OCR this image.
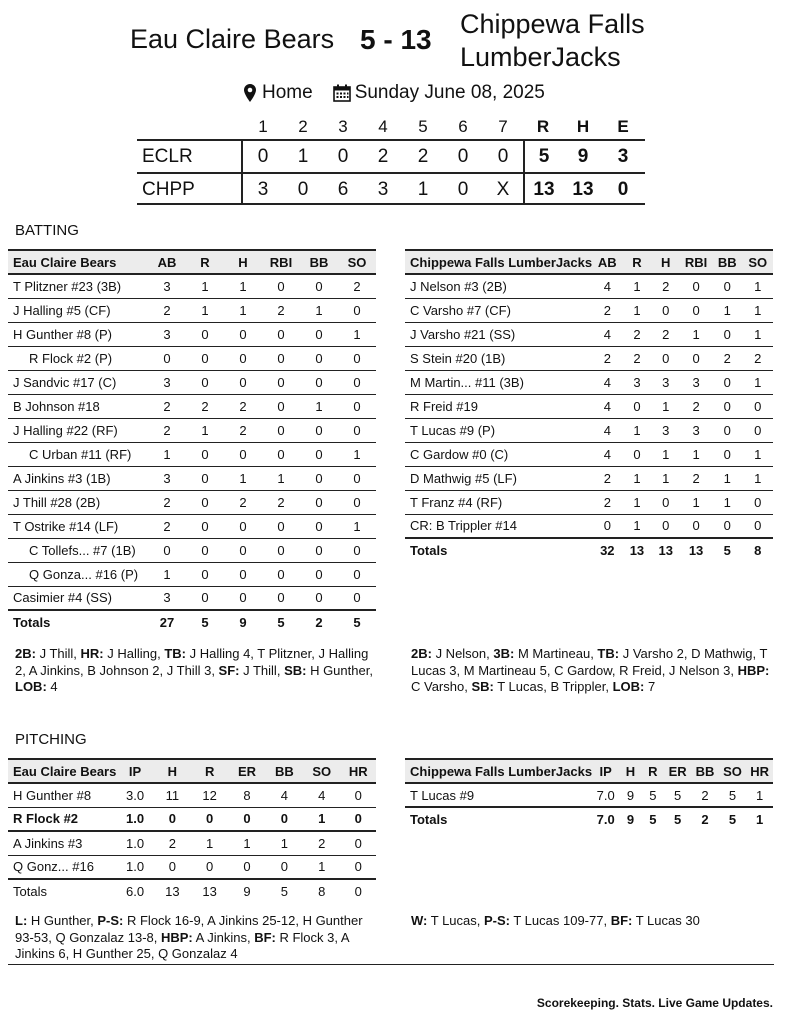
Eau Claire Bears 5 - 13 Chippewa Falls
LumberJacks
Home Sunday June 08, 2025
1	2	3	4	5	6	7	R	H	E
ECLR	0	1	0	2	2	0	0	5	9	3
CHPP	3	0	6	3	1	0	X	13 13	0
BATTING
Eau Claire Bears	AB	R	H	RBI	BB	SO
T Plitzner #23 (3B)	3	1	1	0	0	2
J Halling #5 (CF)	2	1	1	2	1	0
H Gunther #8 (P)	3	0	0	0	0	1
R Flock #2 (P)	0	0	0	0	0	0
J Sandvic #17 (C)	3	0	0	0	0	0
B Johnson #18	2	2	2	0	1	0
J Halling #22 (RF)	2	1	2	0	0	0
C Urban #11 (RF)	1	0	0	0	0	1
A Jinkins #3 (1B)	3	0	1	1	0	0
J Thill #28 (2B)	2	0	2	2	0	0
T Ostrike #14 (LF)	2	0	0	0	0	1
C Tollefs... #7 (1B)	0	0	0	0	0	0
Q Gonza... #16 (P)	1	0	0	0	0	0
Casimier #4 (SS)	3	0	0	0	0	0
Totals	27	5	9	5	2	5
Chippewa Falls LumberJacks	AB	R	H	RBI	BB	SO
J Nelson #3 (2B)	4	1	2	0	0	1
C Varsho #7 (CF)	2	1	0	0	1	1
J Varsho #21 (SS)	4	2	2	1	0	1
S Stein #20 (1B)	2	2	0	0	2	2
M Martin... #11 (3B)	4	3	3	3	0	1
R Freid #19	4	0	1	2	0	0
T Lucas #9 (P)	4	1	3	3	0	0
C Gardow #0 (C)	4	0	1	1	0	1
D Mathwig #5 (LF)	2	1	1	2	1	1
T Franz #4 (RF)	2	1	0	1	1	0
CR: B Trippler #14	0	1	0	0	0	0
Totals	32	13	13	13	5	8
2B: J Thill, HR: J Halling, TB: J Halling 4, T Plitzner, J Halling 2, A Jinkins, B Johnson 2, J Thill 3, SF: J Thill, SB: H Gunther, LOB: 4
2B: J Nelson, 3B: M Martineau, TB: J Varsho 2, D Mathwig, T Lucas 3, M Martineau 5, C Gardow, R Freid, J Nelson 3, HBP: C Varsho, SB: T Lucas, B Trippler, LOB: 7
PITCHING
Eau Claire Bears	IP	H	R	ER	BB	SO	HR
H Gunther #8	3.0	11	12	8	4	4	0
R Flock #2	1.0	0	0	0	0	1	0
A Jinkins #3	1.0	2	1	1	1	2	0
Q Gonz... #16	1.0	0	0	0	0	1	0
Totals	6.0	13	13	9	5	8	0
Chippewa Falls LumberJacks	IP	H	R	ER	BB	SO	HR
T Lucas #9	7.0	9	5	5	2	5	1
Totals	7.0	9	5	5	2	5	1
L: H Gunther, P-S: R Flock 16-9, A Jinkins 25-12, H Gunther 93-53, Q Gonzalaz 13-8, HBP: A Jinkins, BF: R Flock 3, A Jinkins 6, H Gunther 25, Q Gonzalaz 4
W: T Lucas, P-S: T Lucas 109-77, BF: T Lucas 30
Scorekeeping. Stats. Live Game Updates.
